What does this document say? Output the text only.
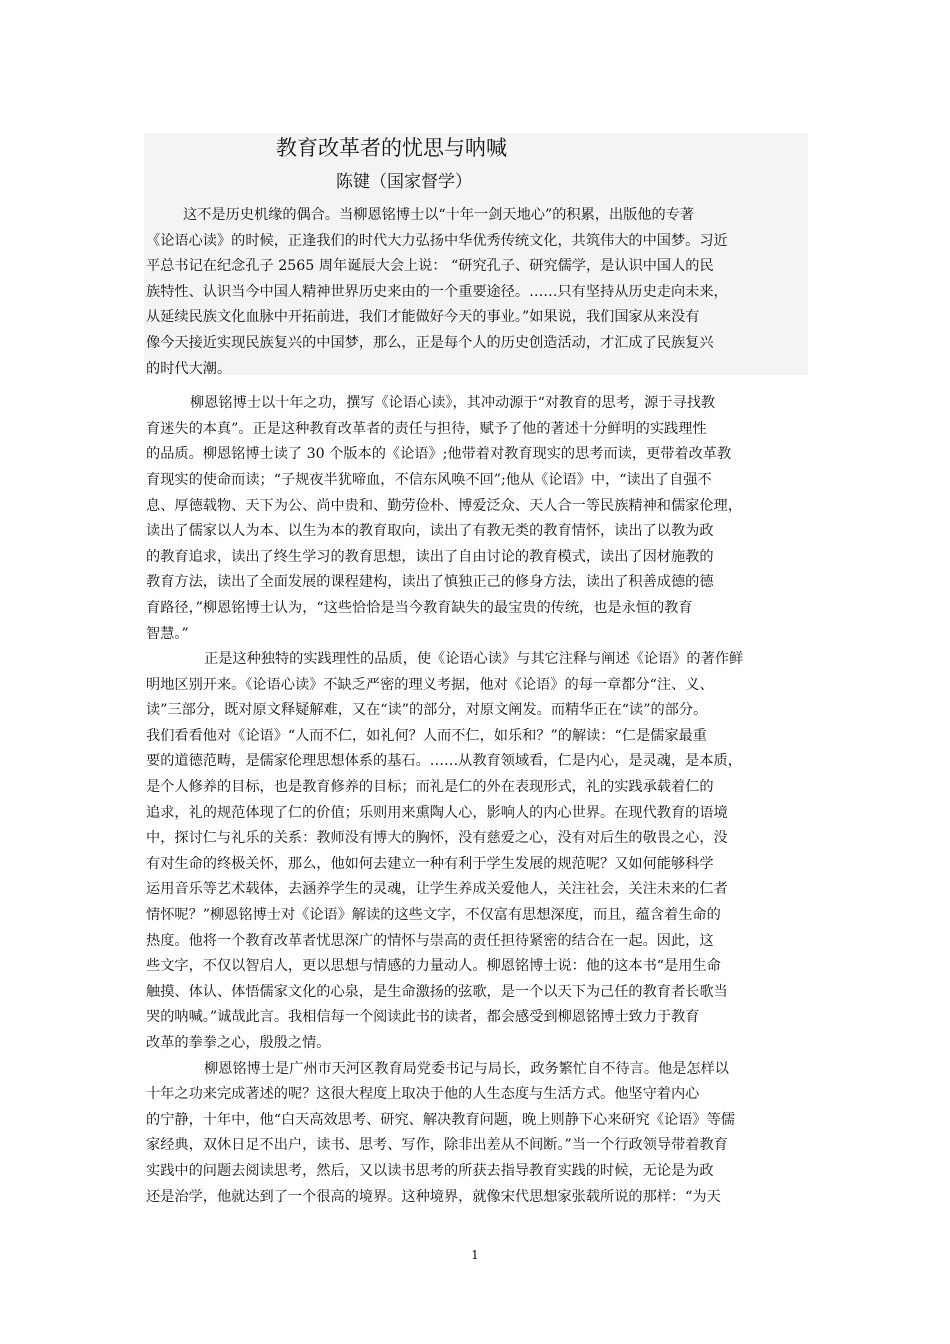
教育改革者的忧思与呐喊
陈键（国家督学）
这不是历史机缘的偶合。当柳恩铭博士以“十年一剑天地心”的积累，出版他的专著
《论语心读》的时候，正逢我们的时代大力弘扬中华优秀传统文化，共筑伟大的中国梦。习近
平总书记在纪念孔子 2565 周年诞辰大会上说： “研究孔子、研究儒学，是认识中国人的民
族特性、认识当今中国人精神世界历史来由的一个重要途径。……只有坚持从历史走向未来，
从延续民族文化血脉中开拓前进，我们才能做好今天的事业。”如果说，我们国家从来没有
像今天接近实现民族复兴的中国梦，那么，正是每个人的历史创造活动，才汇成了民族复兴
的时代大潮。
柳恩铭博士以十年之功，撰写《论语心读》，其冲动源于“对教育的思考，源于寻找教
育迷失的本真”。正是这种教育改革者的责任与担待，赋予了他的著述十分鲜明的实践理性
的品质。柳恩铭博士读了 30 个版本的《论语》;他带着对教育现实的思考而读，更带着改革教
育现实的使命而读；“子规夜半犹啼血，不信东风唤不回”;他从《论语》中，“读出了自强不
息、厚德载物、天下为公、尚中贵和、勤劳俭朴、博爱泛众、天人合一等民族精神和儒家伦理，
读出了儒家以人为本、以生为本的教育取向，读出了有教无类的教育情怀，读出了以教为政
的教育追求，读出了终生学习的教育思想，读出了自由讨论的教育模式，读出了因材施教的
教育方法，读出了全面发展的课程建构，读出了慎独正己的修身方法，读出了积善成德的德
育路径，”柳恩铭博士认为，“这些恰恰是当今教育缺失的最宝贵的传统，也是永恒的教育
智慧。”
正是这种独特的实践理性的品质，使《论语心读》与其它注释与阐述《论语》的著作鲜
明地区别开来。《论语心读》不缺乏严密的理义考据，他对《论语》的每一章都分“注、义、
读”三部分，既对原文释疑解难，又在“读”的部分，对原文阐发。而精华正在“读”的部分。
我们看看他对《论语》“人而不仁，如礼何？人而不仁，如乐和？”的解读：“仁是儒家最重
要的道德范畴，是儒家伦理思想体系的基石。……从教育领域看，仁是内心，是灵魂，是本质，
是个人修养的目标，也是教育修养的目标；而礼是仁的外在表现形式，礼的实践承载着仁的
追求，礼的规范体现了仁的价值；乐则用来熏陶人心，影响人的内心世界。在现代教育的语境
中，探讨仁与礼乐的关系：教师没有博大的胸怀，没有慈爱之心，没有对后生的敬畏之心，没
有对生命的终极关怀，那么，他如何去建立一种有利于学生发展的规范呢？又如何能够科学
运用音乐等艺术载体，去涵养学生的灵魂，让学生养成关爱他人，关注社会，关注未来的仁者
情怀呢？”柳恩铭博士对《论语》解读的这些文字，不仅富有思想深度，而且，蕴含着生命的
热度。他将一个教育改革者忧思深广的情怀与崇高的责任担待紧密的结合在一起。因此，这
些文字，不仅以智启人，更以思想与情感的力量动人。柳恩铭博士说：他的这本书“是用生命
触摸、体认、体悟儒家文化的心泉，是生命激扬的弦歌，是一个以天下为己任的教育者长歌当
哭的呐喊。”诚哉此言。我相信每一个阅读此书的读者，都会感受到柳恩铭博士致力于教育
改革的拳拳之心，殷殷之情。
柳恩铭博士是广州市天河区教育局党委书记与局长，政务繁忙自不待言。他是怎样以
十年之功来完成著述的呢？这很大程度上取决于他的人生态度与生活方式。他坚守着内心
的宁静，十年中，他“白天高效思考、研究、解决教育问题，晚上则静下心来研究《论语》等儒
家经典，双休日足不出户，读书、思考、写作，除非出差从不间断。”当一个行政领导带着教育
实践中的问题去阅读思考，然后，又以读书思考的所获去指导教育实践的时候，无论是为政
还是治学，他就达到了一个很高的境界。这种境界，就像宋代思想家张载所说的那样：“为天
1
